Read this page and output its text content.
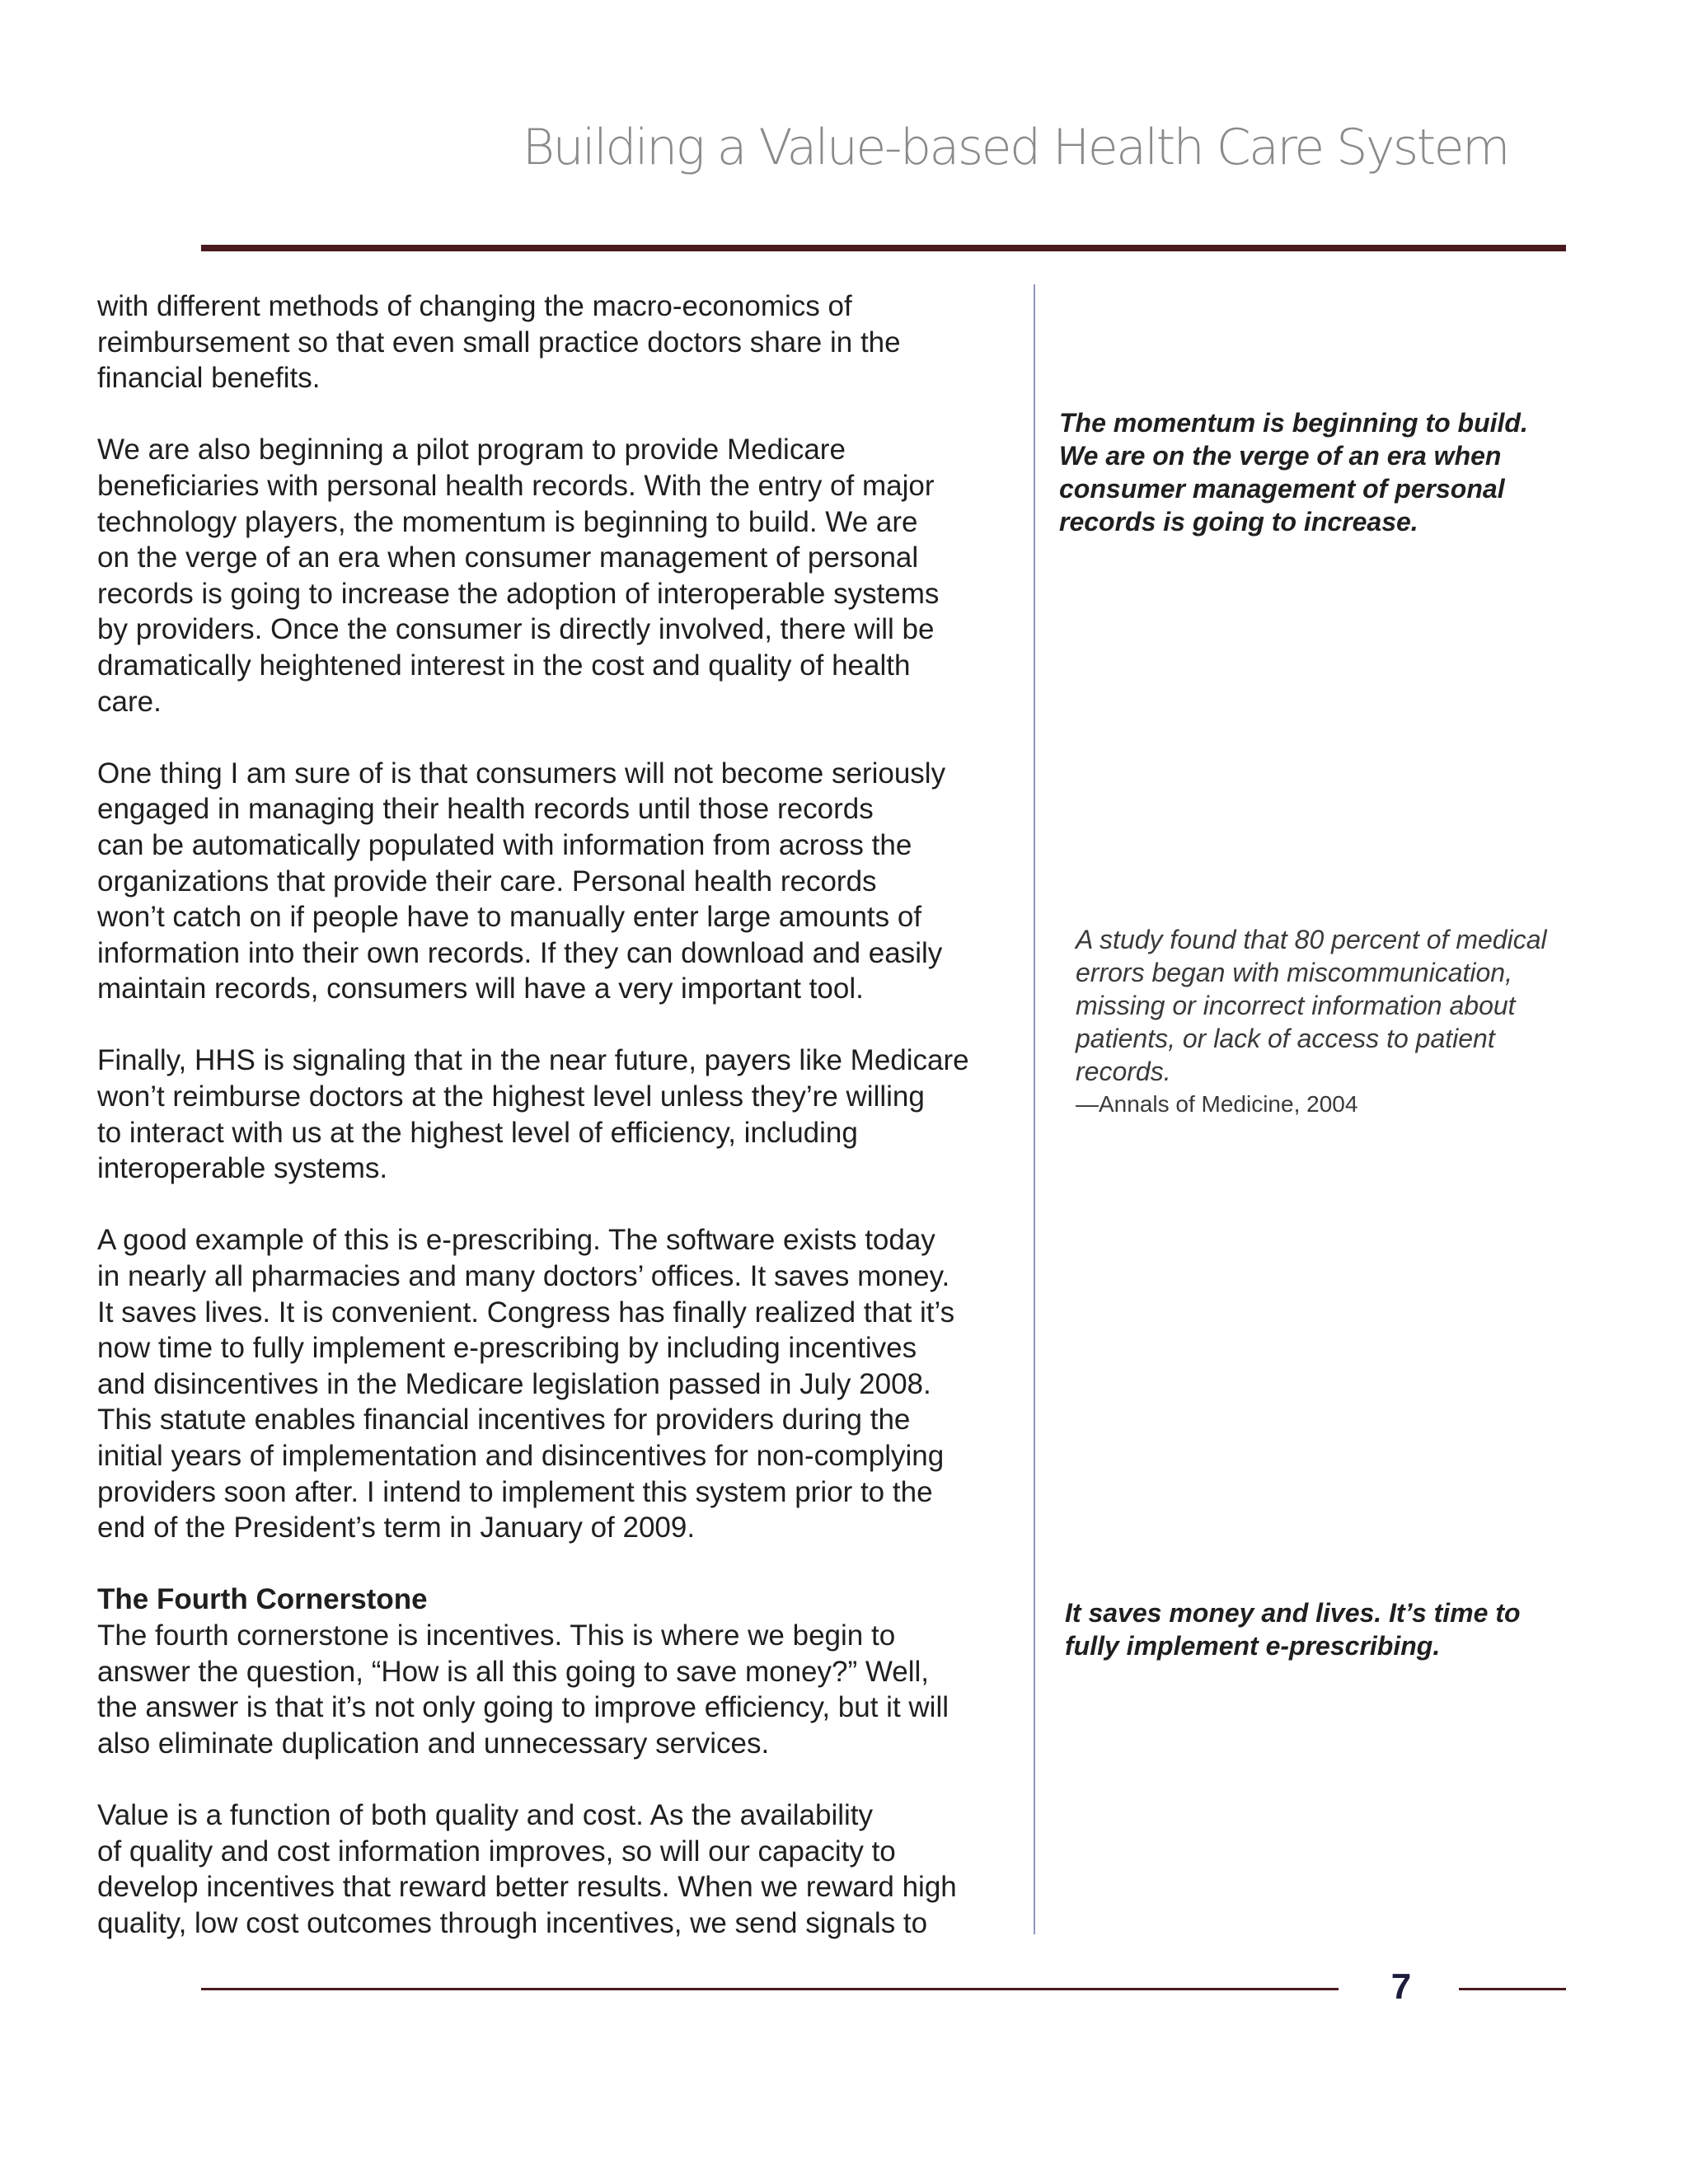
Building a Value-based Health Care System

with different methods of changing the macro-economics of
reimbursement so that even small practice doctors share in the
financial benefits.

We are also beginning a pilot program to provide Medicare
beneficiaries with personal health records. With the entry of major
technology players, the momentum is beginning to build. We are
on the verge of an era when consumer management of personal
records is going to increase the adoption of interoperable systems
by providers. Once the consumer is directly involved, there will be
dramatically heightened interest in the cost and quality of health
care.

One thing I am sure of is that consumers will not become seriously
engaged in managing their health records until those records
can be automatically populated with information from across the
organizations that provide their care. Personal health records
won’t catch on if people have to manually enter large amounts of
information into their own records. If they can download and easily
maintain records, consumers will have a very important tool.

Finally, HHS is signaling that in the near future, payers like Medicare
won’t reimburse doctors at the highest level unless they’re willing
to interact with us at the highest level of efficiency, including
interoperable systems.

A good example of this is e-prescribing. The software exists today
in nearly all pharmacies and many doctors’ offices. It saves money.
It saves lives. It is convenient. Congress has finally realized that it’s
now time to fully implement e-prescribing by including incentives
and disincentives in the Medicare legislation passed in July 2008.
This statute enables financial incentives for providers during the
initial years of implementation and disincentives for non-complying
providers soon after. I intend to implement this system prior to the
end of the President’s term in January of 2009.

The Fourth Cornerstone

The fourth cornerstone is incentives. This is where we begin to
answer the question, “How is all this going to save money?” Well,
the answer is that it’s not only going to improve efficiency, but it will
also eliminate duplication and unnecessary services.

Value is a function of both quality and cost. As the availability
of quality and cost information improves, so will our capacity to
develop incentives that reward better results. When we reward high
quality, low cost outcomes through incentives, we send signals to

The momentum is beginning to build.
We are on the verge of an era when
consumer management of personal
records is going to increase.
A study found that 80 percent of medical
errors began with miscommunication,
missing or incorrect information about
patients, or lack of access to patient
records.
—Annals of Medicine, 2004
It saves money and lives. It’s time to
fully implement e-prescribing.
7
